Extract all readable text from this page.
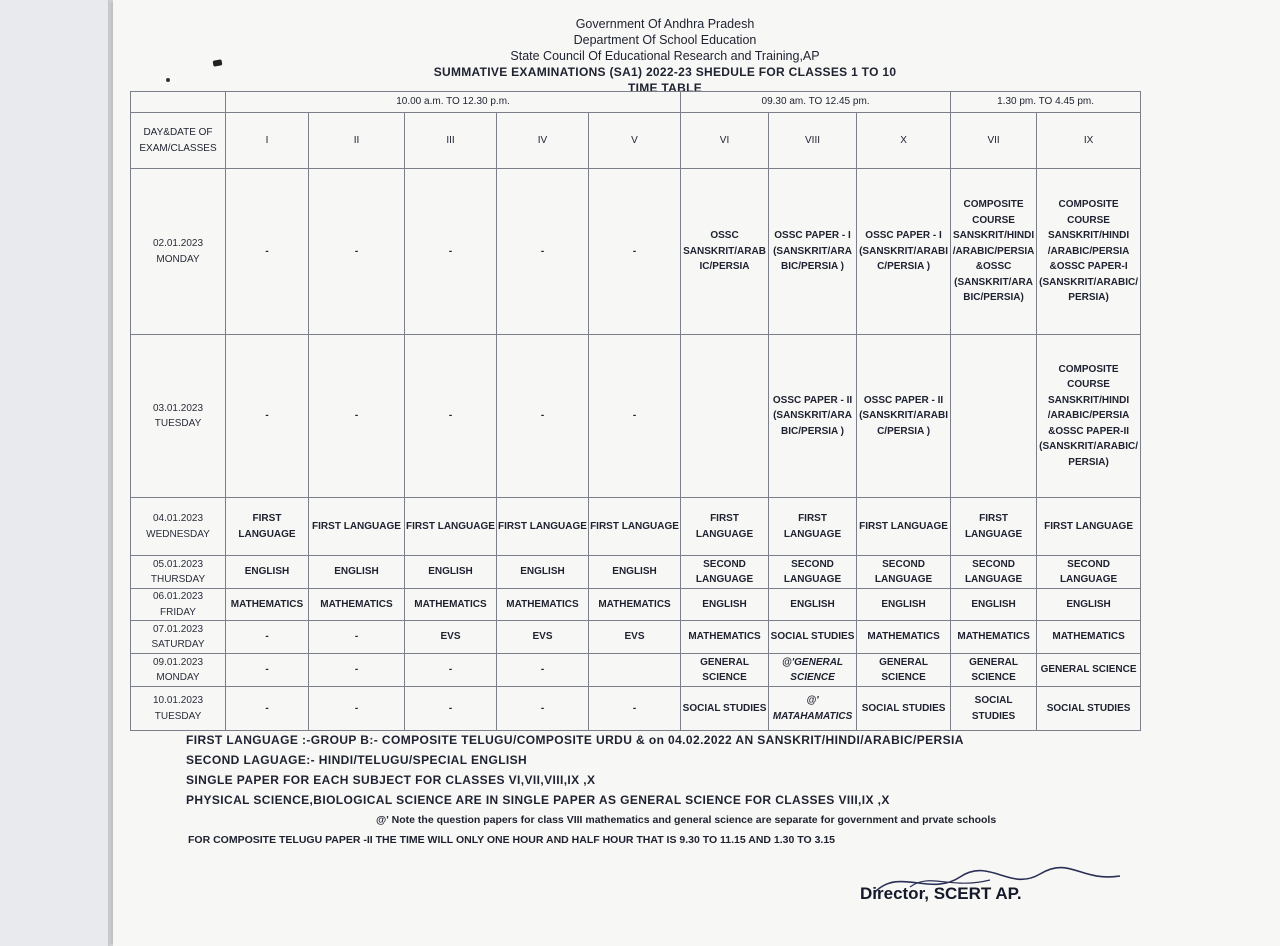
Government Of Andhra Pradesh
Department Of School Education
State Council Of Educational Research and Training,AP
SUMMATIVE EXAMINATIONS (SA1) 2022-23 SHEDULE FOR CLASSES 1 TO 10
TIME TABLE
	10.00 a.m. TO 12.30 p.m.					09.30 am. TO 12.45 pm.			1.30 pm. TO 4.45 pm.	
DAY&DATE OF EXAM/CLASSES	I	II	III	IV	V	VI	VIII	X	VII	IX
02.01.2023
MONDAY	-	-	-	-	-	OSSC SANSKRIT/ARABIC/PERSIA	OSSC PAPER - I (SANSKRIT/ARABIC/PERSIA )	OSSC PAPER - I (SANSKRIT/ARABIC/PERSIA )	COMPOSITE COURSE SANSKRIT/HINDI/ARABIC/PERSIA &OSSC (SANSKRIT/ARABIC/PERSIA)	COMPOSITE COURSE SANSKRIT/HINDI /ARABIC/PERSIA &OSSC PAPER-I (SANSKRIT/ARABIC/PERSIA)
03.01.2023
TUESDAY	-	-	-	-	-		OSSC PAPER - II (SANSKRIT/ARABIC/PERSIA )	OSSC PAPER - II (SANSKRIT/ARABIC/PERSIA )		COMPOSITE COURSE SANSKRIT/HINDI /ARABIC/PERSIA &OSSC PAPER-II (SANSKRIT/ARABIC/PERSIA)
04.01.2023
WEDNESDAY	FIRST LANGUAGE	FIRST LANGUAGE	FIRST LANGUAGE	FIRST LANGUAGE	FIRST LANGUAGE	FIRST LANGUAGE	FIRST LANGUAGE	FIRST LANGUAGE	FIRST LANGUAGE	FIRST LANGUAGE
05.01.2023
THURSDAY	ENGLISH	ENGLISH	ENGLISH	ENGLISH	ENGLISH	SECOND LANGUAGE	SECOND LANGUAGE	SECOND LANGUAGE	SECOND LANGUAGE	SECOND LANGUAGE
06.01.2023
FRIDAY	MATHEMATICS	MATHEMATICS	MATHEMATICS	MATHEMATICS	MATHEMATICS	ENGLISH	ENGLISH	ENGLISH	ENGLISH	ENGLISH
07.01.2023
SATURDAY	-	-	EVS	EVS	EVS	MATHEMATICS	SOCIAL STUDIES	MATHEMATICS	MATHEMATICS	MATHEMATICS
09.01.2023
MONDAY	-	-	-	-		GENERAL SCIENCE	@'GENERAL SCIENCE	GENERAL SCIENCE	GENERAL SCIENCE	GENERAL SCIENCE
10.01.2023
TUESDAY	-	-	-	-	-	SOCIAL STUDIES	@' MATAHAMATICS	SOCIAL STUDIES	SOCIAL STUDIES	SOCIAL STUDIES
FIRST LANGUAGE :-GROUP B:- COMPOSITE TELUGU/COMPOSITE URDU & on 04.02.2022 AN SANSKRIT/HINDI/ARABIC/PERSIA
SECOND LAGUAGE:- HINDI/TELUGU/SPECIAL ENGLISH
SINGLE PAPER FOR EACH SUBJECT FOR CLASSES VI,VII,VIII,IX ,X
PHYSICAL SCIENCE,BIOLOGICAL SCIENCE ARE IN SINGLE PAPER AS GENERAL SCIENCE FOR CLASSES VIII,IX ,X
@' Note the question papers for class VIII mathematics and general science are separate for government and prvate schools
FOR COMPOSITE TELUGU PAPER -II THE TIME WILL ONLY ONE HOUR AND HALF HOUR THAT IS 9.30 TO 11.15 AND 1.30 TO 3.15
Director, SCERT AP.
